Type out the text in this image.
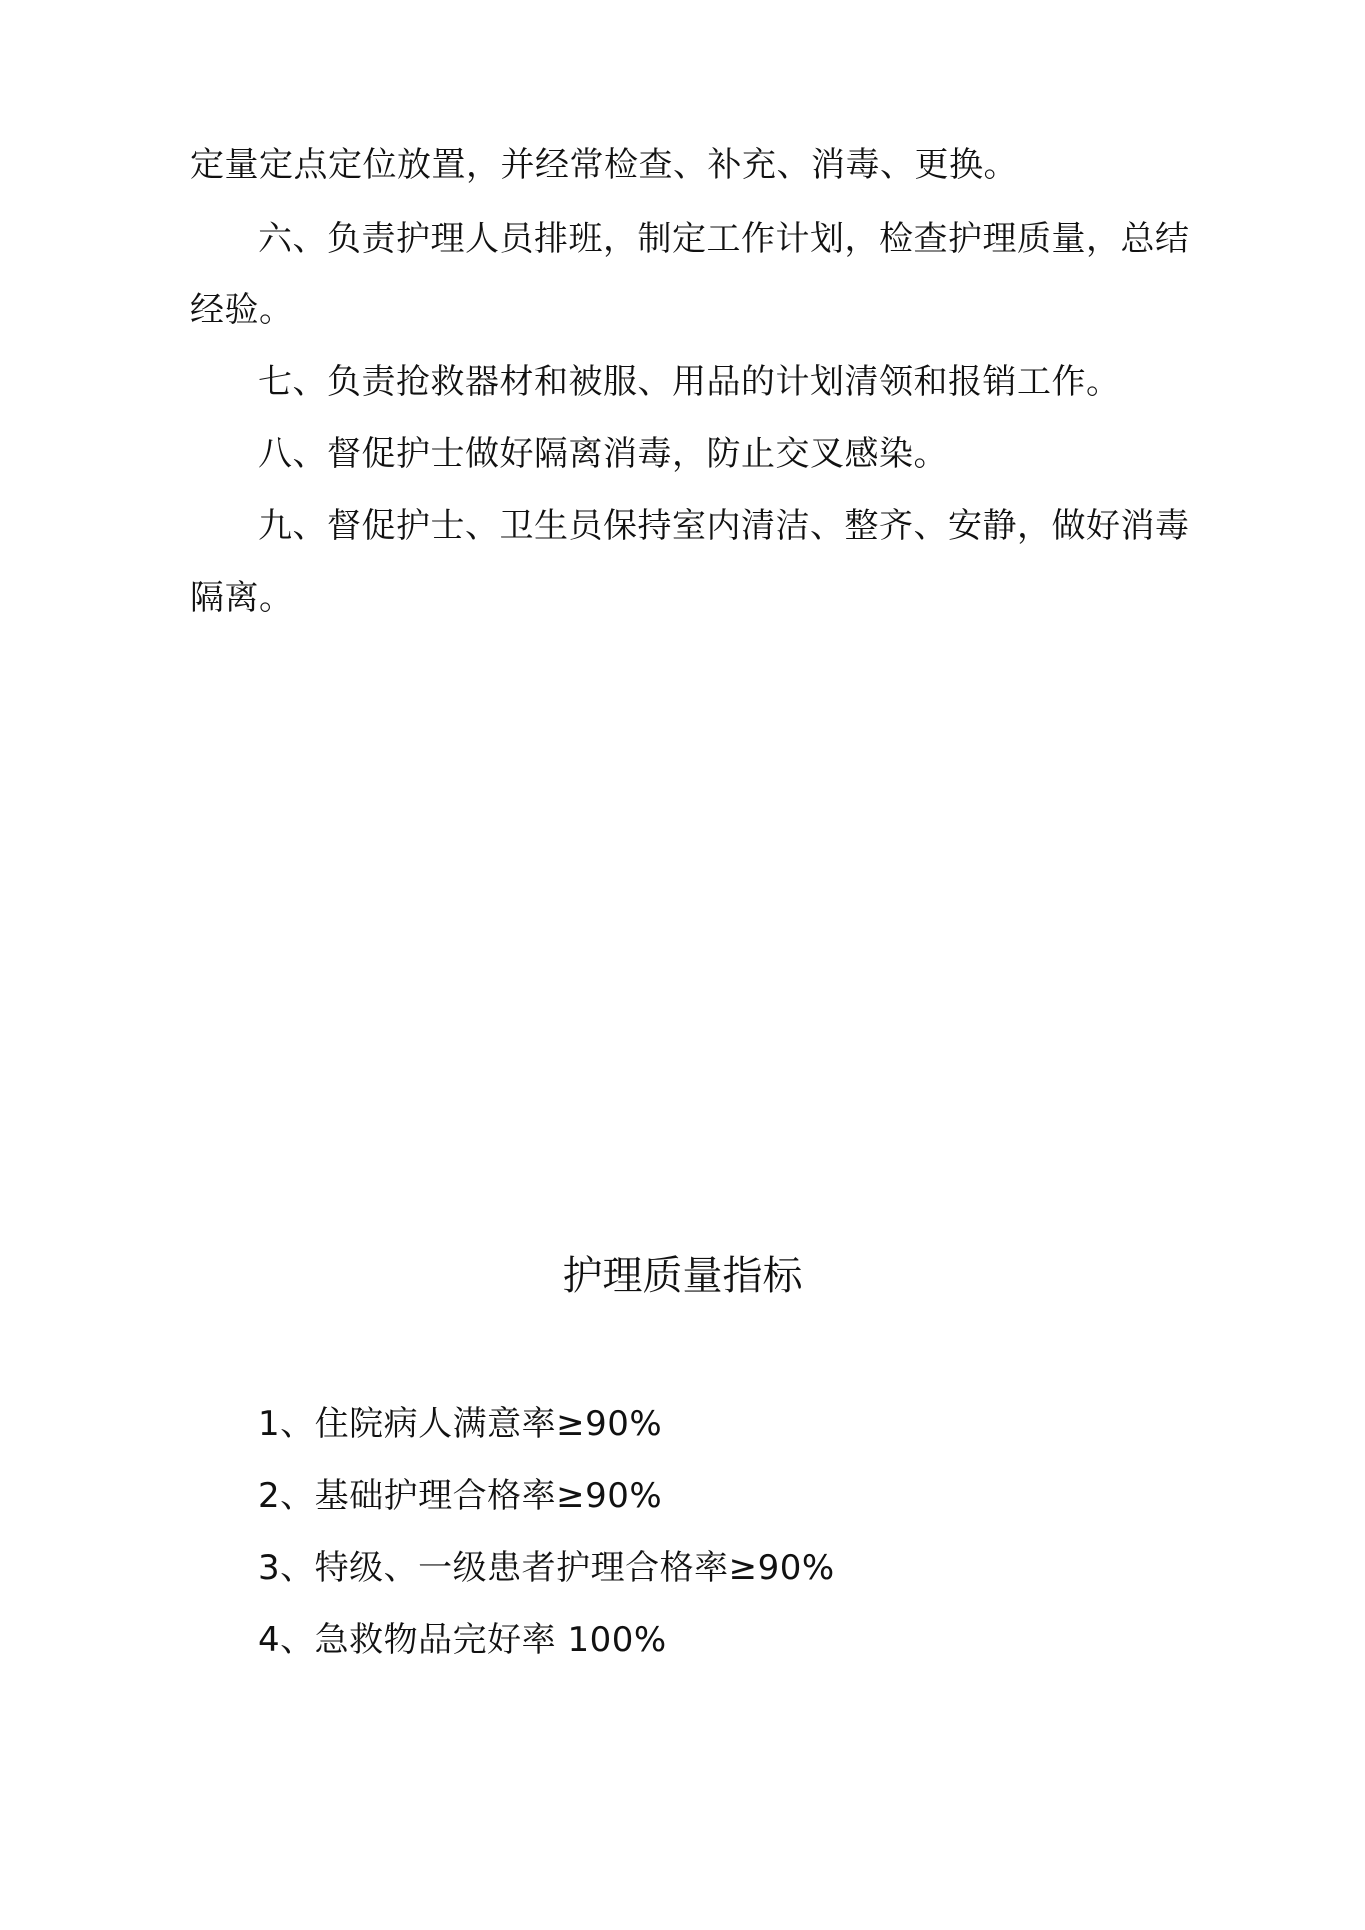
定量定点定位放置，并经常检查、补充、消毒、更换。
六、负责护理人员排班，制定工作计划，检查护理质量，总结
经验。
七、负责抢救器材和被服、用品的计划清领和报销工作。
八、督促护士做好隔离消毒，防止交叉感染。
九、督促护士、卫生员保持室内清洁、整齐、安静，做好消毒
隔离。
护理质量指标
1、住院病人满意率≥90%
2、基础护理合格率≥90%
3、特级、一级患者护理合格率≥90%
4、急救物品完好率 100%
